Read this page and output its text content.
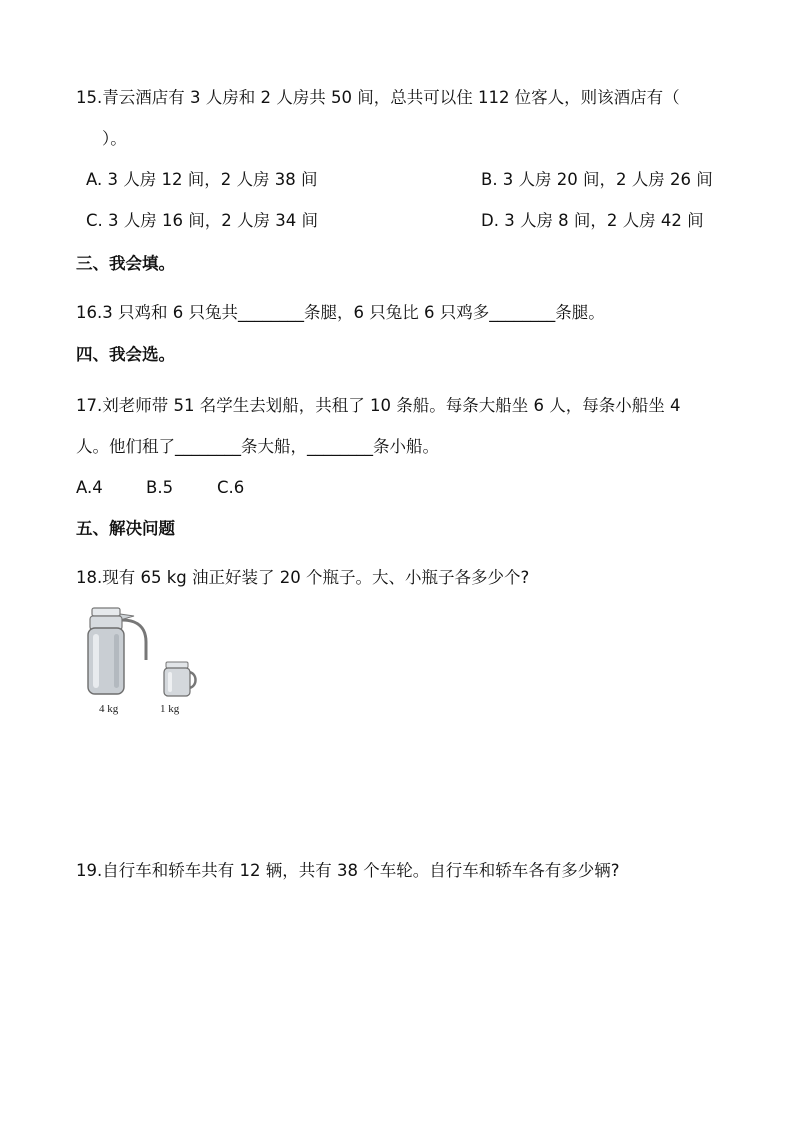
15.青云酒店有 3 人房和 2 人房共 50 间，总共可以住 112 位客人，则该酒店有（
）。
A. 3 人房 12 间，2 人房 38 间	B. 3 人房 20 间，2 人房 26 间
C. 3 人房 16 间，2 人房 34 间	D. 3 人房 8 间，2 人房 42 间
三、我会填。
16.3 只鸡和 6 只兔共________条腿，6 只兔比 6 只鸡多________条腿。
四、我会选。
17.刘老师带 51 名学生去划船，共租了 10 条船。每条大船坐 6 人，每条小船坐 4
人。他们租了________条大船，________条小船。
A.4	B.5	C.6
五、解决问题
18.现有 65 kg 油正好装了 20 个瓶子。大、小瓶子各多少个?
4 kg	1 kg
19.自行车和轿车共有 12 辆，共有 38 个车轮。自行车和轿车各有多少辆?
